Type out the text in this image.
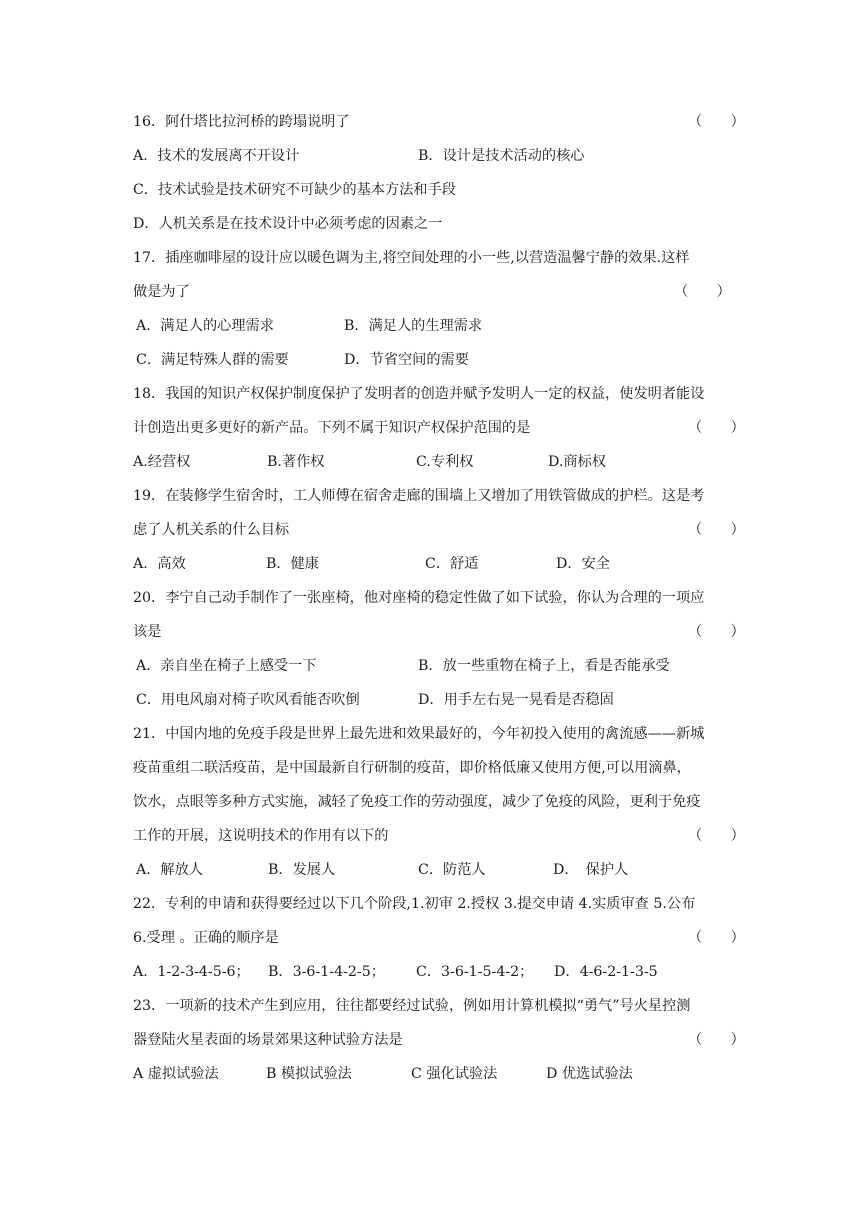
16．阿什塔比拉河桥的跨塌说明了	（　　）
A．技术的发展离不开设计	B．设计是技术活动的核心
C．技术试验是技术研究不可缺少的基本方法和手段
D．人机关系是在技术设计中必须考虑的因素之一
17．插座咖啡屋的设计应以暖色调为主,将空间处理的小一些,以营造温馨宁静的效果.这样
做是为了	（　　）
A．满足人的心理需求	B．满足人的生理需求
C．满足特殊人群的需要	D．节省空间的需要
18．我国的知识产权保护制度保护了发明者的创造并赋予发明人一定的权益，使发明者能设
计创造出更多更好的新产品。下列不属于知识产权保护范围的是	（　　）
A.经营权	B.著作权	C.专利权	D.商标权
19．在装修学生宿舍时，工人师傅在宿舍走廊的围墙上又增加了用铁管做成的护栏。这是考
虑了人机关系的什么目标	（　　）
A．高效	B．健康	C．舒适	D．安全
20．李宁自己动手制作了一张座椅，他对座椅的稳定性做了如下试验，你认为合理的一项应
该是	（　　）
A．亲自坐在椅子上感受一下	B．放一些重物在椅子上，看是否能承受
C．用电风扇对椅子吹风看能否吹倒	D．用手左右晃一晃看是否稳固
21．中国内地的免疫手段是世界上最先进和效果最好的，今年初投入使用的禽流感——新城
疫苗重组二联活疫苗，是中国最新自行研制的疫苗，即价格低廉又使用方便,可以用滴鼻，
饮水，点眼等多种方式实施，减轻了免疫工作的劳动强度，减少了免疫的风险，更利于免疫
工作的开展，这说明技术的作用有以下的	（　　）
A．解放人	B．发展人	C．防范人	D．　保护人
22．专利的申请和获得要经过以下几个阶段,1.初审 2.授权 3.提交申请 4.实质审查 5.公布
6.受理 。正确的顺序是	（　　）
A．1-2-3-4-5-6； B．3-6-1-4-2-5； C．3-6-1-5-4-2； D．4-6-2-1-3-5
23．一项新的技术产生到应用，往往都要经过试验，例如用计算机模拟“勇气”号火星控测
器登陆火星表面的场景郊果这种试验方法是	（　　）
A 虚拟试验法	B 模拟试验法	C 强化试验法	D 优选试验法
